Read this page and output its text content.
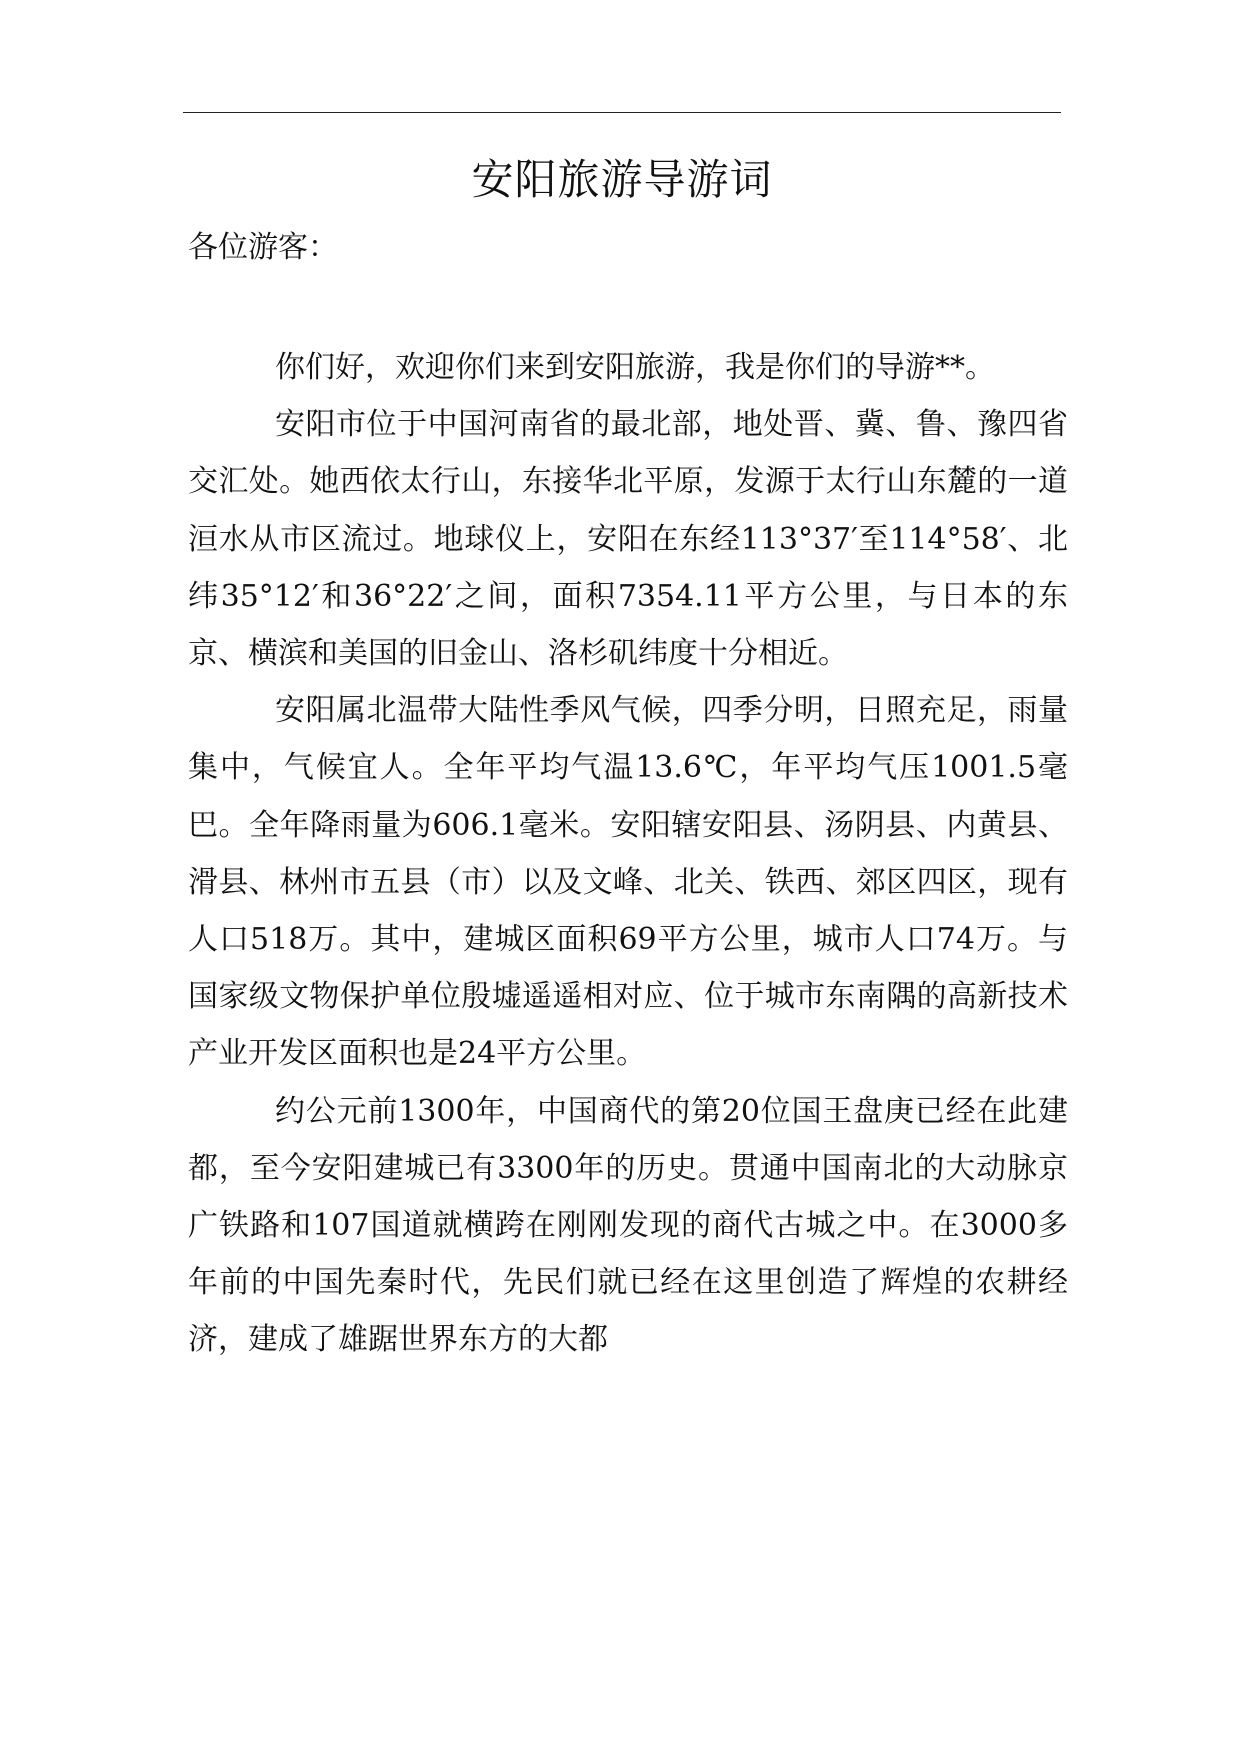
安阳旅游导游词
各位游客：

你们好，欢迎你们来到安阳旅游，我是你们的导游**。

安阳市位于中国河南省的最北部，地处晋、冀、鲁、豫四省交汇处。她西依太行山，东接华北平原，发源于太行山东麓的一道洹水从市区流过。地球仪上，安阳在东经113°37′至114°58′、北纬35°12′和36°22′之间，面积7354.11平方公里，与日本的东京、横滨和美国的旧金山、洛杉矶纬度十分相近。

安阳属北温带大陆性季风气候，四季分明，日照充足，雨量集中，气候宜人。全年平均气温13.6℃，年平均气压1001.5毫巴。全年降雨量为606.1毫米。安阳辖安阳县、汤阴县、内黄县、滑县、林州市五县（市）以及文峰、北关、铁西、郊区四区，现有人口518万。其中，建城区面积69平方公里，城市人口74万。与国家级文物保护单位殷墟遥遥相对应、位于城市东南隅的高新技术产业开发区面积也是24平方公里。

约公元前1300年，中国商代的第20位国王盘庚已经在此建都，至今安阳建城已有3300年的历史。贯通中国南北的大动脉京广铁路和107国道就横跨在刚刚发现的商代古城之中。在3000多年前的中国先秦时代，先民们就已经在这里创造了辉煌的农耕经济，建成了雄踞世界东方的大都
